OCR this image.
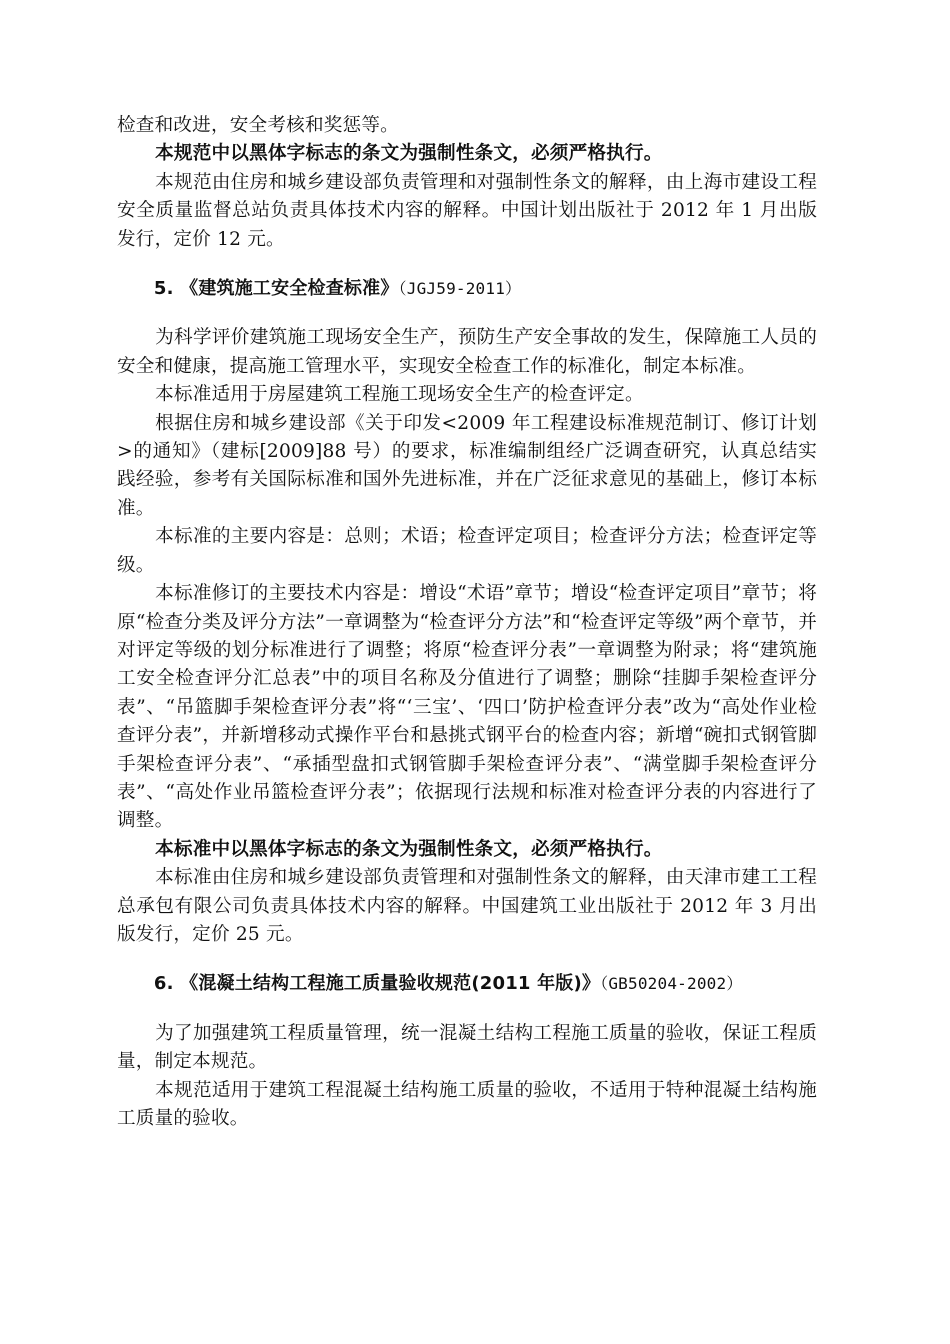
检查和改进，安全考核和奖惩等。

本规范中以黑体字标志的条文为强制性条文，必须严格执行。

本规范由住房和城乡建设部负责管理和对强制性条文的解释，由上海市建设工程安全质量监督总站负责具体技术内容的解释。中国计划出版社于 2012 年 1 月出版发行，定价 12 元。

5. 《建筑施工安全检查标准》（JGJ59-2011）

为科学评价建筑施工现场安全生产，预防生产安全事故的发生，保障施工人员的安全和健康，提高施工管理水平，实现安全检查工作的标准化，制定本标准。

本标准适用于房屋建筑工程施工现场安全生产的检查评定。

根据住房和城乡建设部《关于印发<2009 年工程建设标准规范制订、修订计划>的通知》（建标[2009]88 号）的要求，标准编制组经广泛调查研究，认真总结实践经验，参考有关国际标准和国外先进标准，并在广泛征求意见的基础上，修订本标准。

本标准的主要内容是：总则；术语；检查评定项目；检查评分方法；检查评定等级。

本标准修订的主要技术内容是：增设“术语”章节；增设“检查评定项目”章节；将原“检查分类及评分方法”一章调整为“检查评分方法”和“检查评定等级”两个章节，并对评定等级的划分标准进行了调整；将原“检查评分表”一章调整为附录；将“建筑施工安全检查评分汇总表”中的项目名称及分值进行了调整；删除“挂脚手架检查评分表”、“吊篮脚手架检查评分表”将“‘三宝’、‘四口’防护检查评分表”改为“高处作业检查评分表”，并新增移动式操作平台和悬挑式钢平台的检查内容；新增“碗扣式钢管脚手架检查评分表”、“承插型盘扣式钢管脚手架检查评分表”、“满堂脚手架检查评分表”、“高处作业吊篮检查评分表”；依据现行法规和标准对检查评分表的内容进行了调整。

本标准中以黑体字标志的条文为强制性条文，必须严格执行。

本标准由住房和城乡建设部负责管理和对强制性条文的解释，由天津市建工工程总承包有限公司负责具体技术内容的解释。中国建筑工业出版社于 2012 年 3 月出版发行，定价 25 元。

6. 《混凝土结构工程施工质量验收规范(2011 年版)》（GB50204-2002）

为了加强建筑工程质量管理，统一混凝土结构工程施工质量的验收，保证工程质量，制定本规范。

本规范适用于建筑工程混凝土结构施工质量的验收，不适用于特种混凝土结构施工质量的验收。
